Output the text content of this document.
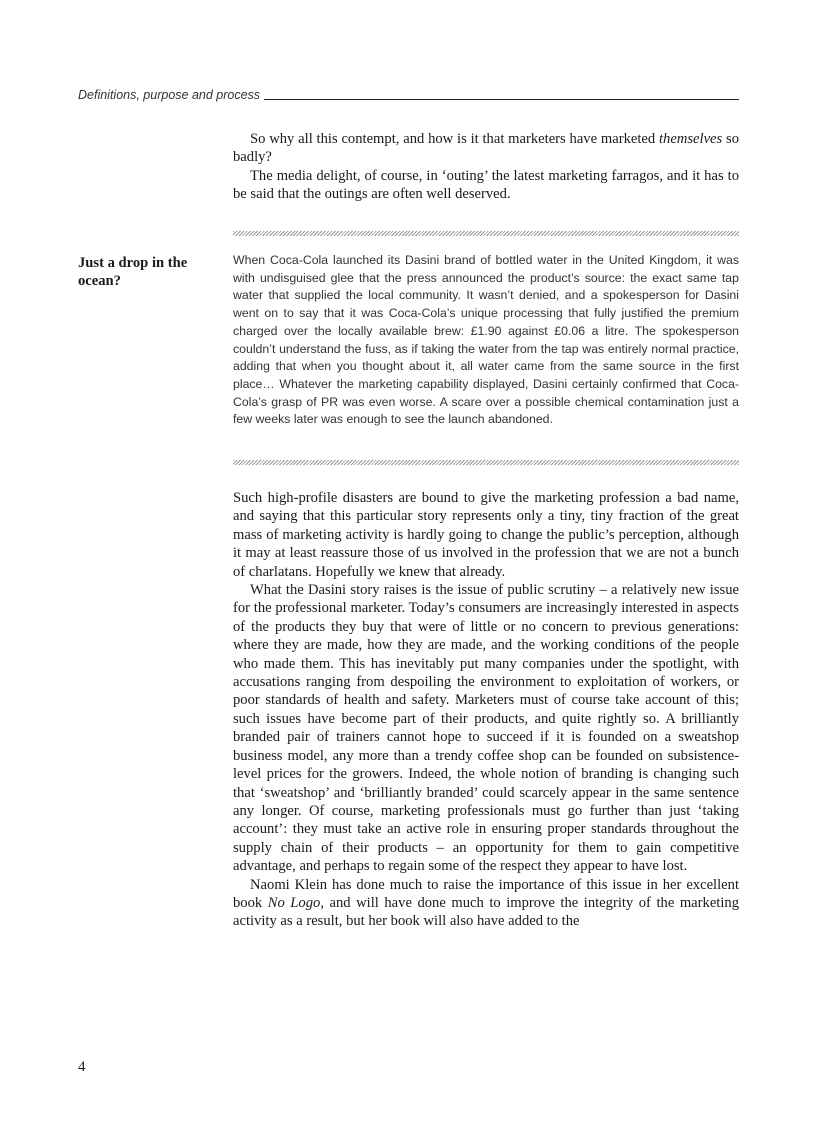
Definitions, purpose and process

So why all this contempt, and how is it that marketers have marketed themselves so badly?

The media delight, of course, in ‘outing’ the latest marketing farragos, and it has to be said that the outings are often well deserved.

Just a drop in the ocean?

When Coca-Cola launched its Dasini brand of bottled water in the United Kingdom, it was with undisguised glee that the press announced the product’s source: the exact same tap water that supplied the local community. It wasn’t denied, and a spokesperson for Dasini went on to say that it was Coca-Cola’s unique processing that fully justified the premium charged over the locally available brew: £1.90 against £0.06 a litre. The spokesperson couldn’t understand the fuss, as if taking the water from the tap was entirely normal practice, adding that when you thought about it, all water came from the same source in the first place… Whatever the marketing capability displayed, Dasini certainly confirmed that Coca-Cola’s grasp of PR was even worse. A scare over a possible chemical contamination just a few weeks later was enough to see the launch abandoned.

Such high-profile disasters are bound to give the marketing profession a bad name, and saying that this particular story represents only a tiny, tiny fraction of the great mass of marketing activity is hardly going to change the public’s perception, although it may at least reassure those of us involved in the profession that we are not a bunch of charlatans. Hopefully we knew that already.

What the Dasini story raises is the issue of public scrutiny – a relatively new issue for the professional marketer. Today’s consumers are increasingly interested in aspects of the products they buy that were of little or no concern to previous generations: where they are made, how they are made, and the working conditions of the people who made them. This has inevitably put many companies under the spotlight, with accusations ranging from despoiling the environment to exploitation of workers, or poor standards of health and safety. Marketers must of course take account of this; such issues have become part of their products, and quite rightly so. A brilliantly branded pair of trainers cannot hope to succeed if it is founded on a sweatshop business model, any more than a trendy coffee shop can be founded on subsistence-level prices for the growers. Indeed, the whole notion of branding is changing such that ‘sweatshop’ and ‘brilliantly branded’ could scarcely appear in the same sentence any longer. Of course, marketing professionals must go further than just ‘taking account’: they must take an active role in ensuring proper standards throughout the supply chain of their products – an opportunity for them to gain competitive advantage, and perhaps to regain some of the respect they appear to have lost.

Naomi Klein has done much to raise the importance of this issue in her excellent book No Logo, and will have done much to improve the integrity of the marketing activity as a result, but her book will also have added to the

4
